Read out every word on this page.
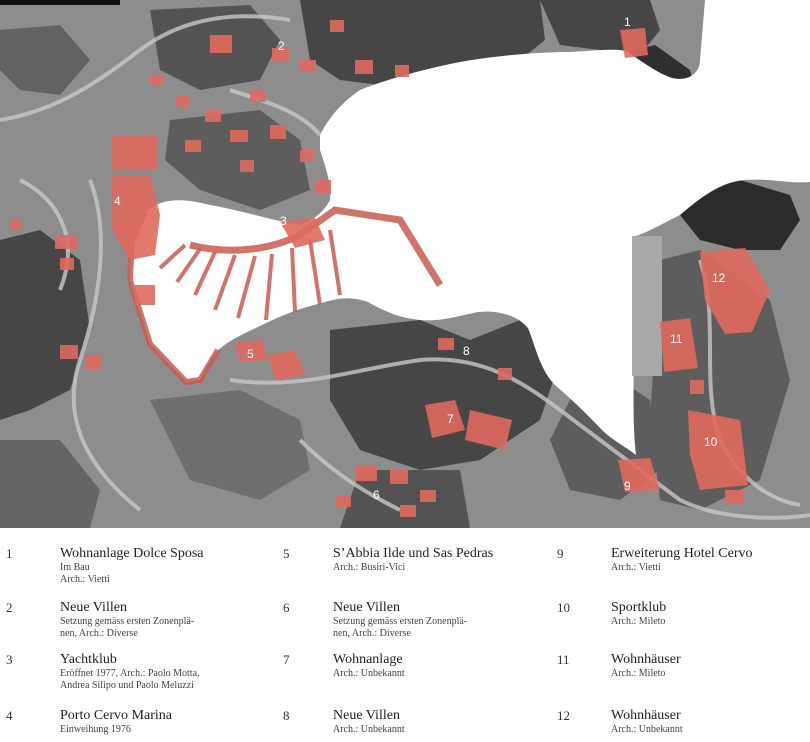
1
2
3
4
5
6
7
8
9
10
11
12
1	Wohnanlage Dolce Sposa
Im Bau
Arch.: Vietti
2	Neue Villen
Setzung gemäss ersten Zonenplä-
nen, Arch.: Diverse
3	Yachtklub
Eröffnet 1977, Arch.: Paolo Motta,
Andrea Silipo und Paolo Meluzzi
4	Porto Cervo Marina
Einweihung 1976
5	S’Abbia Ilde und Sas Pedras
Arch.: Busiri-Vici
6	Neue Villen
Setzung gemäss ersten Zonenplä-
nen, Arch.: Diverse
7	Wohnanlage
Arch.: Unbekannt
8	Neue Villen
Arch.: Unbekannt
9	Erweiterung Hotel Cervo
Arch.: Vietti
10	Sportklub
Arch.: Mileto
11	Wohnhäuser
Arch.: Mileto
12	Wohnhäuser
Arch.: Unbekannt
